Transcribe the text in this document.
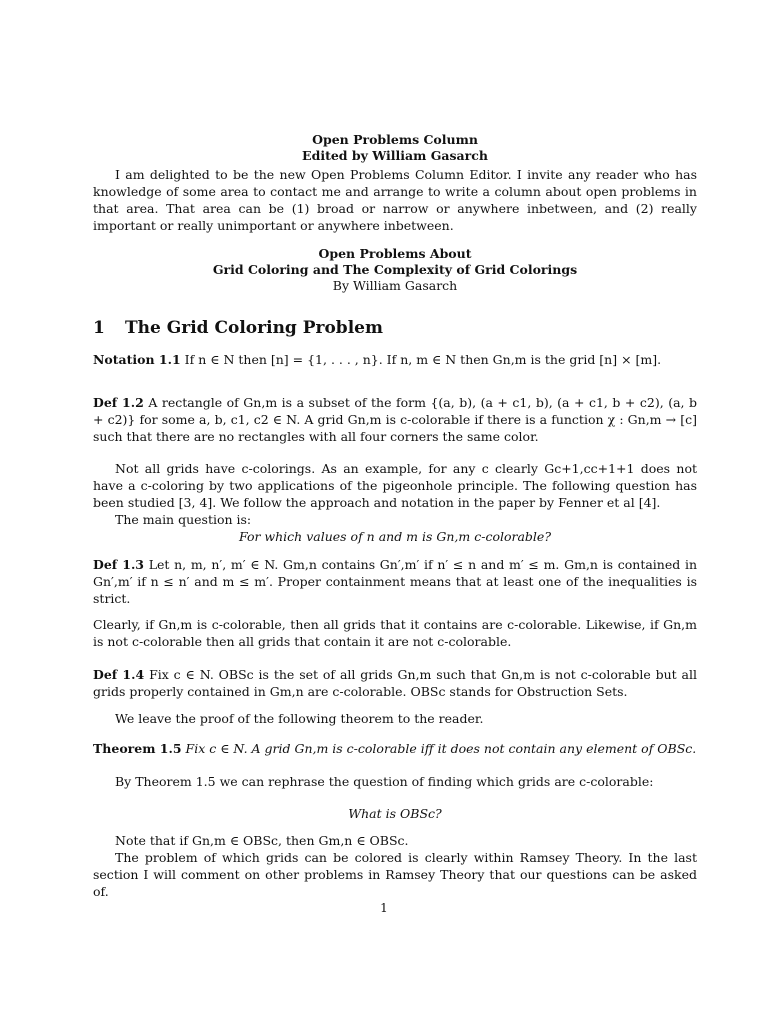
Open Problems Column
Edited by William Gasarch

I am delighted to be the new Open Problems Column Editor. I invite any reader who has knowledge of some area to contact me and arrange to write a column about open problems in that area. That area can be (1) broad or narrow or anywhere inbetween, and (2) really important or really unimportant or anywhere inbetween.

Open Problems About
Grid Coloring and The Complexity of Grid Colorings
By William Gasarch
1 The Grid Coloring Problem

Notation 1.1 If n ∈ N then [n] = {1, . . . , n}. If n, m ∈ N then Gn,m is the grid [n] × [m].

Def 1.2 A rectangle of Gn,m is a subset of the form {(a, b), (a + c1, b), (a + c1, b + c2), (a, b + c2)} for some a, b, c1, c2 ∈ N. A grid Gn,m is c-colorable if there is a function χ : Gn,m → [c] such that there are no rectangles with all four corners the same color.

Not all grids have c-colorings. As an example, for any c clearly Gc+1,cc+1+1 does not have a c-coloring by two applications of the pigeonhole principle. The following question has been studied [3, 4]. We follow the approach and notation in the paper by Fenner et al [4].

The main question is:

For which values of n and m is Gn,m c-colorable?

Def 1.3 Let n, m, n′, m′ ∈ N. Gm,n contains Gn′,m′ if n′ ≤ n and m′ ≤ m. Gm,n is contained in Gn′,m′ if n ≤ n′ and m ≤ m′. Proper containment means that at least one of the inequalities is strict.

Clearly, if Gn,m is c-colorable, then all grids that it contains are c-colorable. Likewise, if Gn,m is not c-colorable then all grids that contain it are not c-colorable.

Def 1.4 Fix c ∈ N. OBSc is the set of all grids Gn,m such that Gn,m is not c-colorable but all grids properly contained in Gm,n are c-colorable. OBSc stands for Obstruction Sets.

We leave the proof of the following theorem to the reader.

Theorem 1.5 Fix c ∈ N. A grid Gn,m is c-colorable iff it does not contain any element of OBSc.

By Theorem 1.5 we can rephrase the question of finding which grids are c-colorable:

What is OBSc?

Note that if Gn,m ∈ OBSc, then Gm,n ∈ OBSc.

The problem of which grids can be colored is clearly within Ramsey Theory. In the last section I will comment on other problems in Ramsey Theory that our questions can be asked of.

1
